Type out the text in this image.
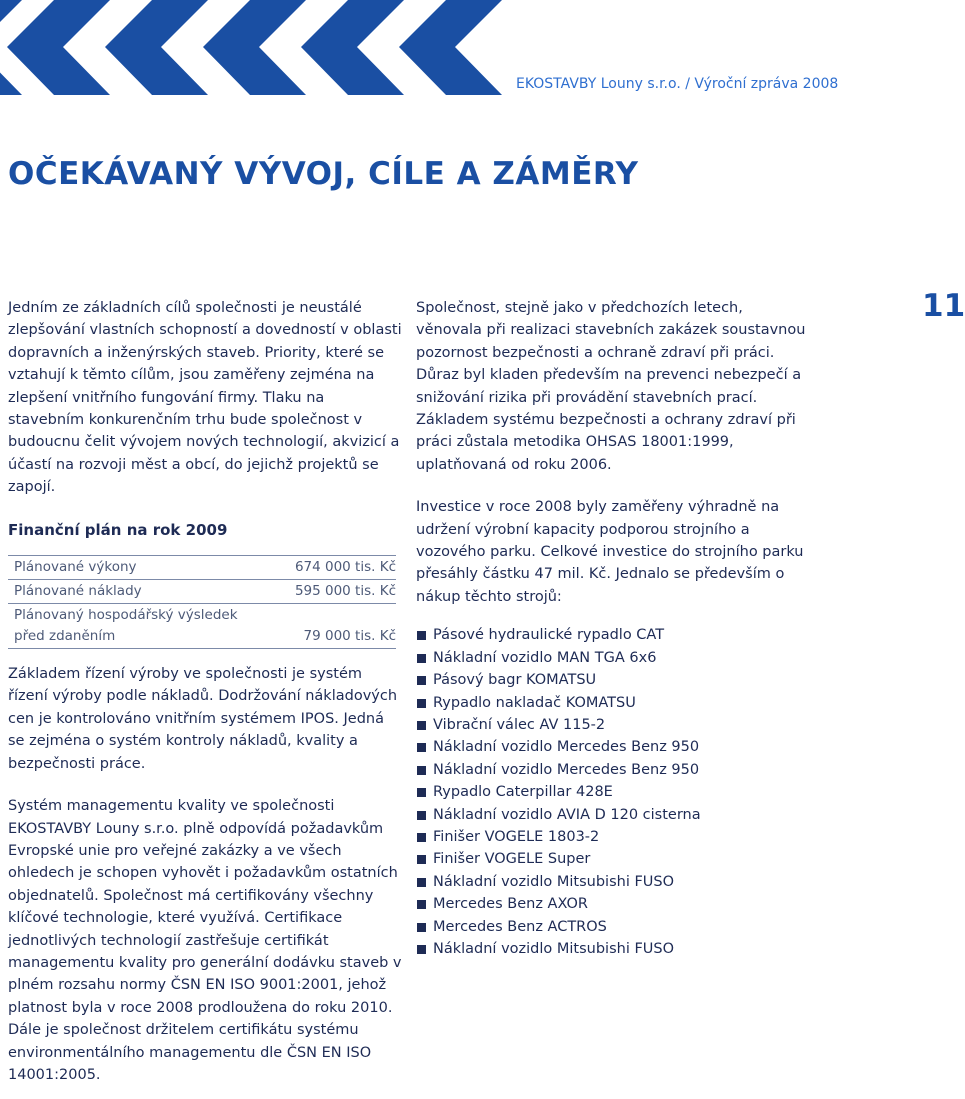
EKOSTAVBY Louny s.r.o. / Výroční zpráva 2008
OČEKÁVANÝ VÝVOJ, CÍLE A ZÁMĚRY
11

Jedním ze základních cílů společnosti je neustálé zlepšování vlastních schopností a dovedností v oblasti dopravních a inženýrských staveb. Priority, které se vztahují k těmto cílům, jsou zaměřeny zejména na zlepšení vnitřního fungování firmy. Tlaku na stavebním konkurenčním trhu bude společnost v budoucnu čelit vývojem nových technologií, akvizicí a účastí na rozvoji měst a obcí, do jejichž projektů se zapojí.

Finanční plán na rok 2009
Plánované výkony	674 000 tis. Kč
Plánované náklady	595 000 tis. Kč
Plánovaný hospodářský výsledek
před zdaněním	79 000 tis. Kč

Základem řízení výroby ve společnosti je systém řízení výroby podle nákladů. Dodržování nákladových cen je kontrolováno vnitřním systémem IPOS. Jedná se zejména o systém kontroly nákladů, kvality a bezpečnosti práce.

Systém managementu kvality ve společnosti EKOSTAVBY Louny s.r.o. plně odpovídá požadavkům Evropské unie pro veřejné zakázky a ve všech ohledech je schopen vyhovět i požadavkům ostatních objednatelů. Společnost má certifikovány všechny klíčové technologie, které využívá. Certifikace jednotlivých technologií zastřešuje certifikát managementu kvality pro generální dodávku staveb v plném rozsahu normy ČSN EN ISO 9001:2001, jehož platnost byla v roce 2008 prodloužena do roku 2010. Dále je společnost držitelem certifikátu systému environmentálního managementu dle ČSN EN ISO 14001:2005.

Společnost, stejně jako v předchozích letech, věnovala při realizaci stavebních zakázek soustavnou pozornost bezpečnosti a ochraně zdraví při práci. Důraz byl kladen především na prevenci nebezpečí a snižování rizika při provádění stavebních prací. Základem systému bezpečnosti a ochrany zdraví při práci zůstala metodika OHSAS 18001:1999, uplatňovaná od roku 2006.

Investice v roce 2008 byly zaměřeny výhradně na udržení výrobní kapacity podporou strojního a vozového parku. Celkové investice do strojního parku přesáhly částku 47 mil. Kč. Jednalo se především o nákup těchto strojů:

Pásové hydraulické rypadlo CAT
Nákladní vozidlo MAN TGA 6x6
Pásový bagr KOMATSU
Rypadlo nakladač KOMATSU
Vibrační válec AV 115-2
Nákladní vozidlo Mercedes Benz 950
Nákladní vozidlo Mercedes Benz 950
Rypadlo Caterpillar 428E
Nákladní vozidlo AVIA D 120 cisterna
Finišer VOGELE 1803-2
Finišer VOGELE Super
Nákladní vozidlo Mitsubishi FUSO
Mercedes Benz AXOR
Mercedes Benz ACTROS
Nákladní vozidlo Mitsubishi FUSO
